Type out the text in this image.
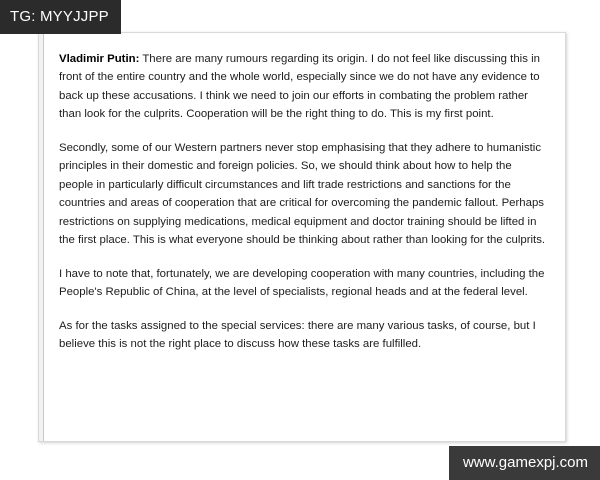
TG: MYYJJPP

Vladimir Putin: There are many rumours regarding its origin. I do not feel like discussing this in front of the entire country and the whole world, especially since we do not have any evidence to back up these accusations. I think we need to join our efforts in combating the problem rather than look for the culprits. Cooperation will be the right thing to do. This is my first point.

Secondly, some of our Western partners never stop emphasising that they adhere to humanistic principles in their domestic and foreign policies. So, we should think about how to help the people in particularly difficult circumstances and lift trade restrictions and sanctions for the countries and areas of cooperation that are critical for overcoming the pandemic fallout. Perhaps restrictions on supplying medications, medical equipment and doctor training should be lifted in the first place. This is what everyone should be thinking about rather than looking for the culprits.

I have to note that, fortunately, we are developing cooperation with many countries, including the People's Republic of China, at the level of specialists, regional heads and at the federal level.

As for the tasks assigned to the special services: there are many various tasks, of course, but I believe this is not the right place to discuss how these tasks are fulfilled.

www.gamexpj.com
